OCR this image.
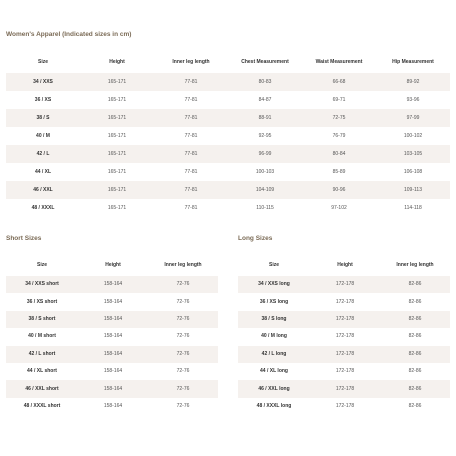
Women's Apparel (Indicated sizes in cm)
Size	Height	Inner leg length	Chest Measurement	Waist Measurement	Hip Measurement
34 / XXS	165-171	77-81	80-83	66-68	89-92
36 / XS	165-171	77-81	84-87	69-71	93-96
38 / S	165-171	77-81	88-91	72-75	97-99
40 / M	165-171	77-81	92-95	76-79	100-102
42 / L	165-171	77-81	96-99	80-84	103-105
44 / XL	165-171	77-81	100-103	85-89	106-108
46 / XXL	165-171	77-81	104-109	90-96	109-113
48 / XXXL	165-171	77-81	110-115	97-102	114-118
Short Sizes
Size	Height	Inner leg length
34 / XXS short	158-164	72-76
36 / XS short	158-164	72-76
38 / S short	158-164	72-76
40 / M short	158-164	72-76
42 / L short	158-164	72-76
44 / XL short	158-164	72-76
46 / XXL short	158-164	72-76
48 / XXXL short	158-164	72-76
Long Sizes
Size	Height	Inner leg length
34 / XXS long	172-178	82-86
36 / XS long	172-178	82-86
38 / S long	172-178	82-86
40 / M long	172-178	82-86
42 / L long	172-178	82-86
44 / XL long	172-178	82-86
46 / XXL long	172-178	82-86
48 / XXXL long	172-178	82-86
